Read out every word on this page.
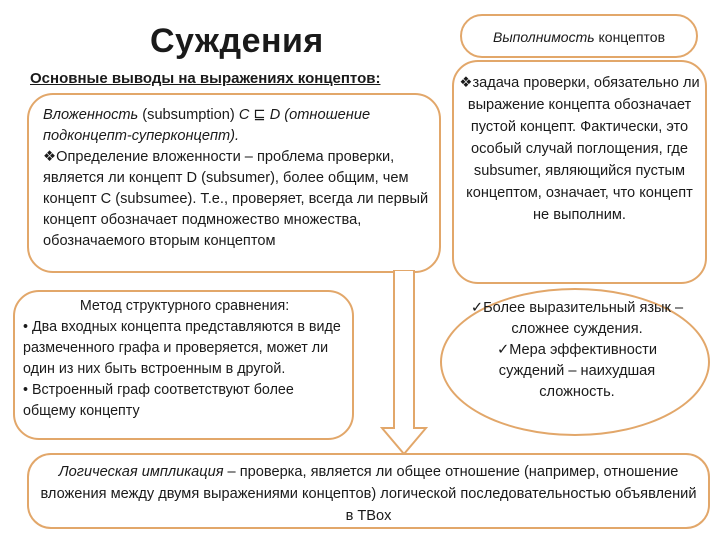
Суждения
Основные выводы на выражениях концептов:
Выполнимость концептов
Вложенность (subsumption) C ⊑ D (отношение подконцепт-суперконцепт).
❖Определение вложенности – проблема проверки, является ли концепт D (subsumer), более общим, чем концепт C (subsumee). Т.е., проверяет, всегда ли первый концепт обозначает подмножество множества, обозначаемого вторым концептом
Метод структурного сравнения:
• Два входных концепта представляются в виде размеченного графа и проверяется, может ли один из них быть встроенным в другой.
• Встроенный граф соответствуют более общему концепту
❖задача проверки, обязательно ли выражение концепта обозначает пустой концепт. Фактически, это особый случай поглощения, где subsumer, являющийся пустым концептом, означает, что концепт не выполним.
✓Более выразительный язык – сложнее суждения.
✓Мера эффективности суждений – наихудшая сложность.
Логическая импликация – проверка, является ли общее отношение (например, отношение вложения между двумя выражениями концептов) логической последовательностью объявлений в TBox
